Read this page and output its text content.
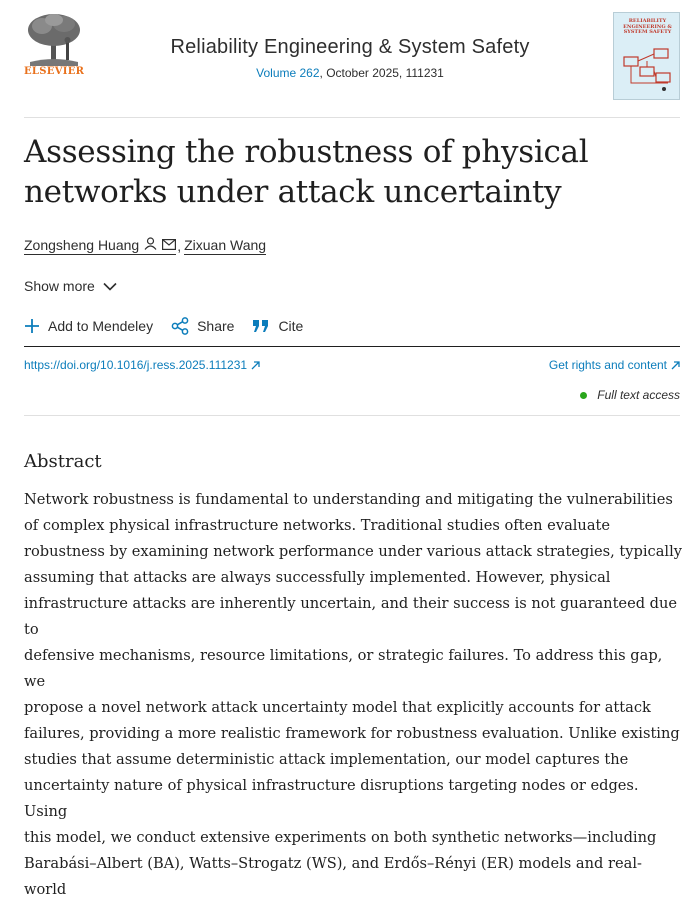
ELSEVIER
Reliability Engineering & System Safety
Volume 262, October 2025, 111231
RELIABILITY ENGINEERING & SYSTEM SAFETY
Assessing the robustness of physical networks under attack uncertainty
Zongsheng Huang	, Zixuan Wang
Show more
Add to Mendeley	Share	Cite
https://doi.org/10.1016/j.ress.2025.111231	Get rights and content
Full text access
Abstract
Network robustness is fundamental to understanding and mitigating the vulnerabilities
of complex physical infrastructure networks. Traditional studies often evaluate
robustness by examining network performance under various attack strategies, typically
assuming that attacks are always successfully implemented. However, physical
infrastructure attacks are inherently uncertain, and their success is not guaranteed due to
defensive mechanisms, resource limitations, or strategic failures. To address this gap, we
propose a novel network attack uncertainty model that explicitly accounts for attack
failures, providing a more realistic framework for robustness evaluation. Unlike existing
studies that assume deterministic attack implementation, our model captures the
uncertainty nature of physical infrastructure disruptions targeting nodes or edges. Using
this model, we conduct extensive experiments on both synthetic networks—including
Barabási–Albert (BA), Watts–Strogatz (WS), and Erdős–Rényi (ER) models and real-world
